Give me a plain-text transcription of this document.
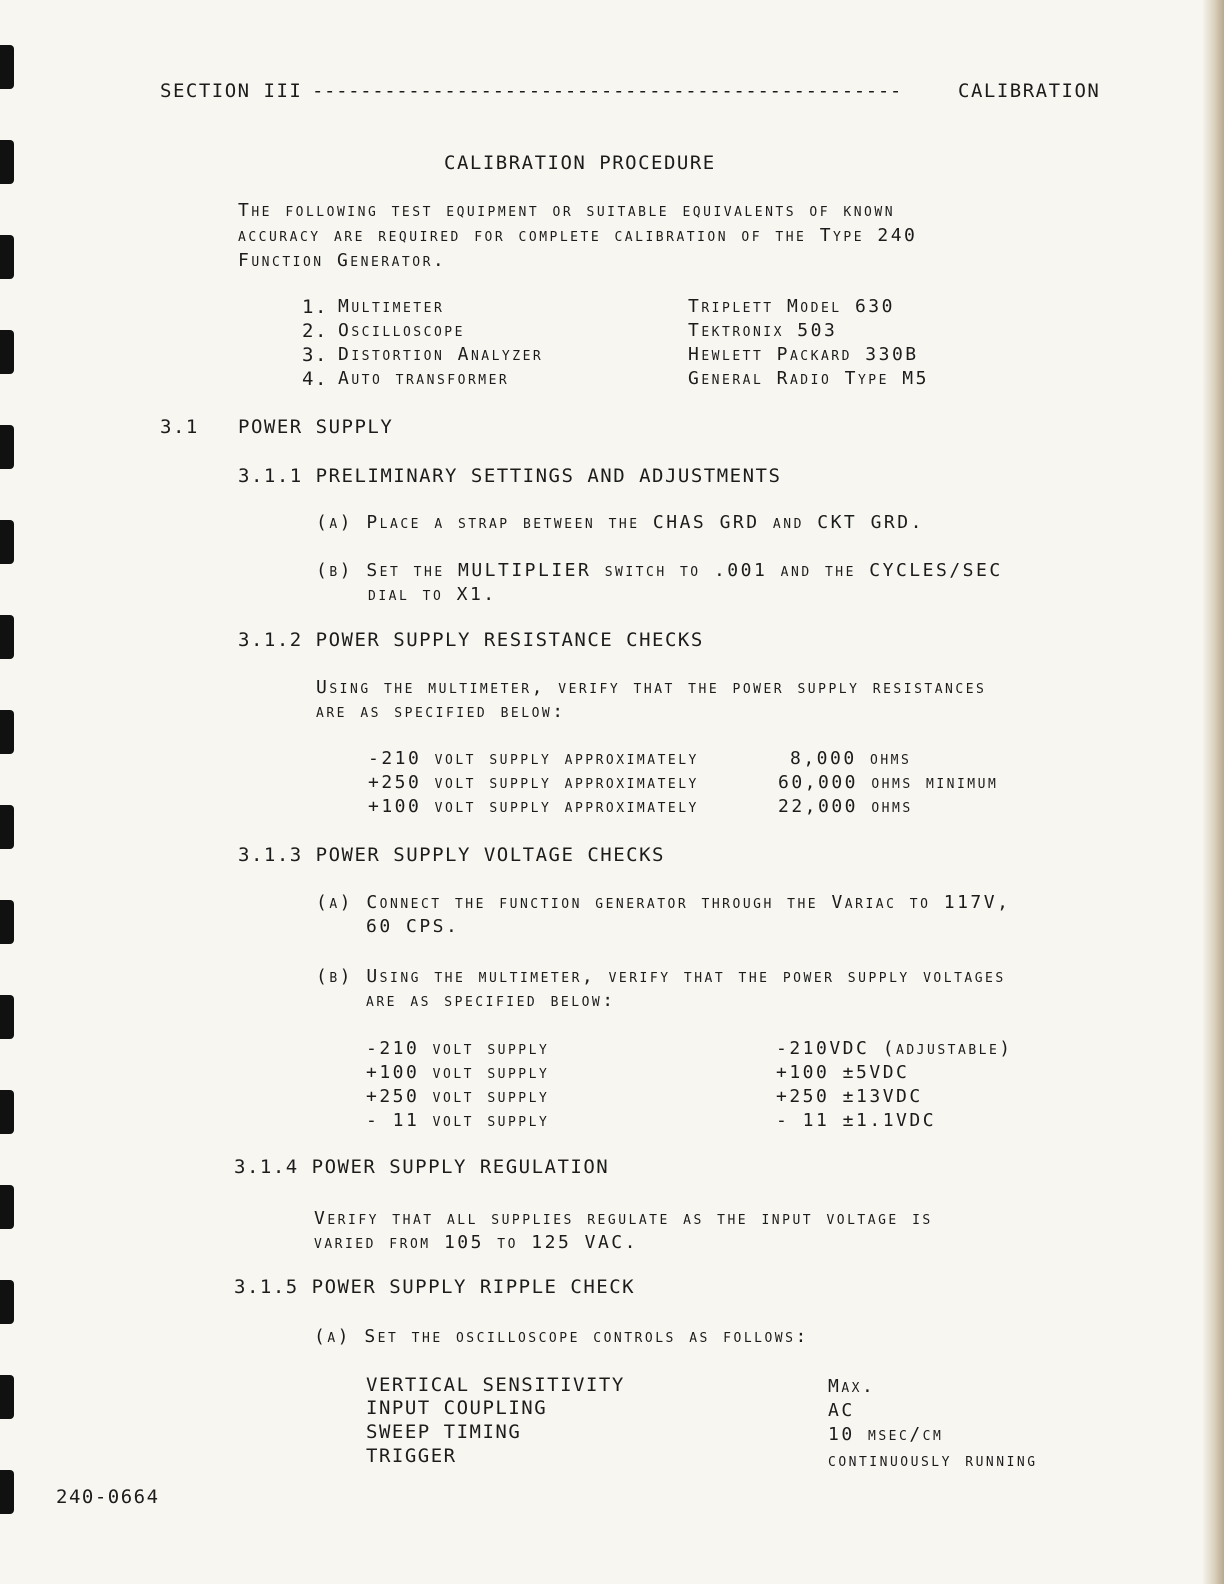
SECTION III -------------------------------------------------	CALIBRATION
CALIBRATION PROCEDURE
The following test equipment or suitable equivalents of known
accuracy are required for complete calibration of the Type 240
Function Generator.
1. Multimeter	Triplett Model 630
2. Oscilloscope	Tektronix 503
3. Distortion Analyzer	Hewlett Packard 330B
4. Auto transformer	General Radio Type M5
3.1 POWER SUPPLY
3.1.1 PRELIMINARY SETTINGS AND ADJUSTMENTS
(a) Place a strap between the CHAS GRD and CKT GRD.
(b) Set the MULTIPLIER switch to .001 and the CYCLES/SEC
dial to X1.
3.1.2 POWER SUPPLY RESISTANCE CHECKS
Using the multimeter, verify that the power supply resistances
are as specified below:
-210 volt supply approximately	8,000 ohms
+250 volt supply approximately	60,000 ohms minimum
+100 volt supply approximately	22,000 ohms
3.1.3 POWER SUPPLY VOLTAGE CHECKS
(a) Connect the function generator through the Variac to 117V,
60 CPS.
(b) Using the multimeter, verify that the power supply voltages
are as specified below:
-210 volt supply	-210VDC (adjustable)
+100 volt supply	+100 ±5VDC
+250 volt supply	+250 ±13VDC
- 11 volt supply	- 11 ±1.1VDC
3.1.4 POWER SUPPLY REGULATION
Verify that all supplies regulate as the input voltage is
varied from 105 to 125 VAC.
3.1.5 POWER SUPPLY RIPPLE CHECK
(a) Set the oscilloscope controls as follows:
VERTICAL SENSITIVITY	Max.
INPUT COUPLING	AC
SWEEP TIMING	10 msec/cm
TRIGGER	continuously running
240-0664
